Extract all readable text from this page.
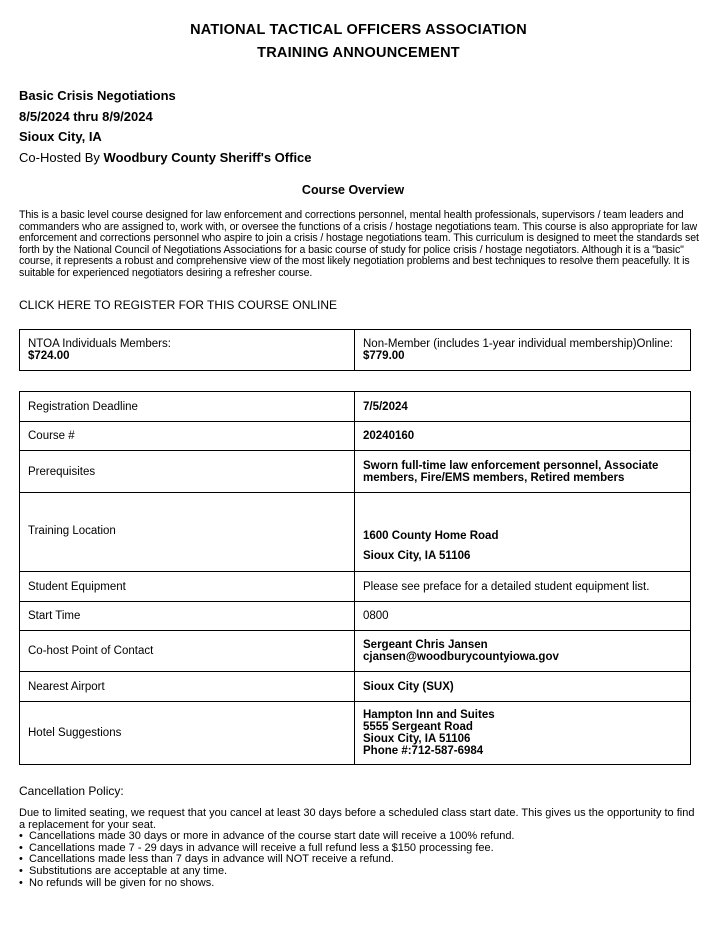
NATIONAL TACTICAL OFFICERS ASSOCIATION
TRAINING ANNOUNCEMENT
Basic Crisis Negotiations
8/5/2024 thru 8/9/2024
Sioux City, IA
Co-Hosted By Woodbury County Sheriff's Office
Course Overview
This is a basic level course designed for law enforcement and corrections personnel, mental health professionals, supervisors / team leaders and commanders who are assigned to, work with, or oversee the functions of a crisis / hostage negotiations team. This course is also appropriate for law enforcement and corrections personnel who aspire to join a crisis / hostage negotiations team. This curriculum is designed to meet the standards set forth by the National Council of Negotiations Associations for a basic course of study for police crisis / hostage negotiators. Although it is a "basic" course, it represents a robust and comprehensive view of the most likely negotiation problems and best techniques to resolve them peacefully. It is suitable for experienced negotiators desiring a refresher course.
CLICK HERE TO REGISTER FOR THIS COURSE ONLINE
NTOA Individuals Members:
$724.00

Non-Member (includes 1-year individual membership)Online:
$779.00
Registration Deadline	7/5/2024
Course #	20240160
Prerequisites	Sworn full-time law enforcement personnel, Associate members, Fire/EMS members, Retired members
Training Location	1600 County Home Road
Sioux City, IA 51106

Student Equipment	Please see preface for a detailed student equipment list.
Start Time	0800
Co-host Point of Contact	Sergeant Chris Jansen
cjansen@woodburycountyiowa.gov

Nearest Airport	Sioux City (SUX)
Hotel Suggestions	Hampton Inn and Suites
5555 Sergeant Road
Sioux City, IA 51106
Phone #:712-587-6984
Cancellation Policy:
Due to limited seating, we request that you cancel at least 30 days before a scheduled class start date. This gives us the opportunity to find a replacement for your seat.
• Cancellations made 30 days or more in advance of the course start date will receive a 100% refund.
• Cancellations made 7 - 29 days in advance will receive a full refund less a $150 processing fee.
• Cancellations made less than 7 days in advance will NOT receive a refund.
• Substitutions are acceptable at any time.
• No refunds will be given for no shows.
